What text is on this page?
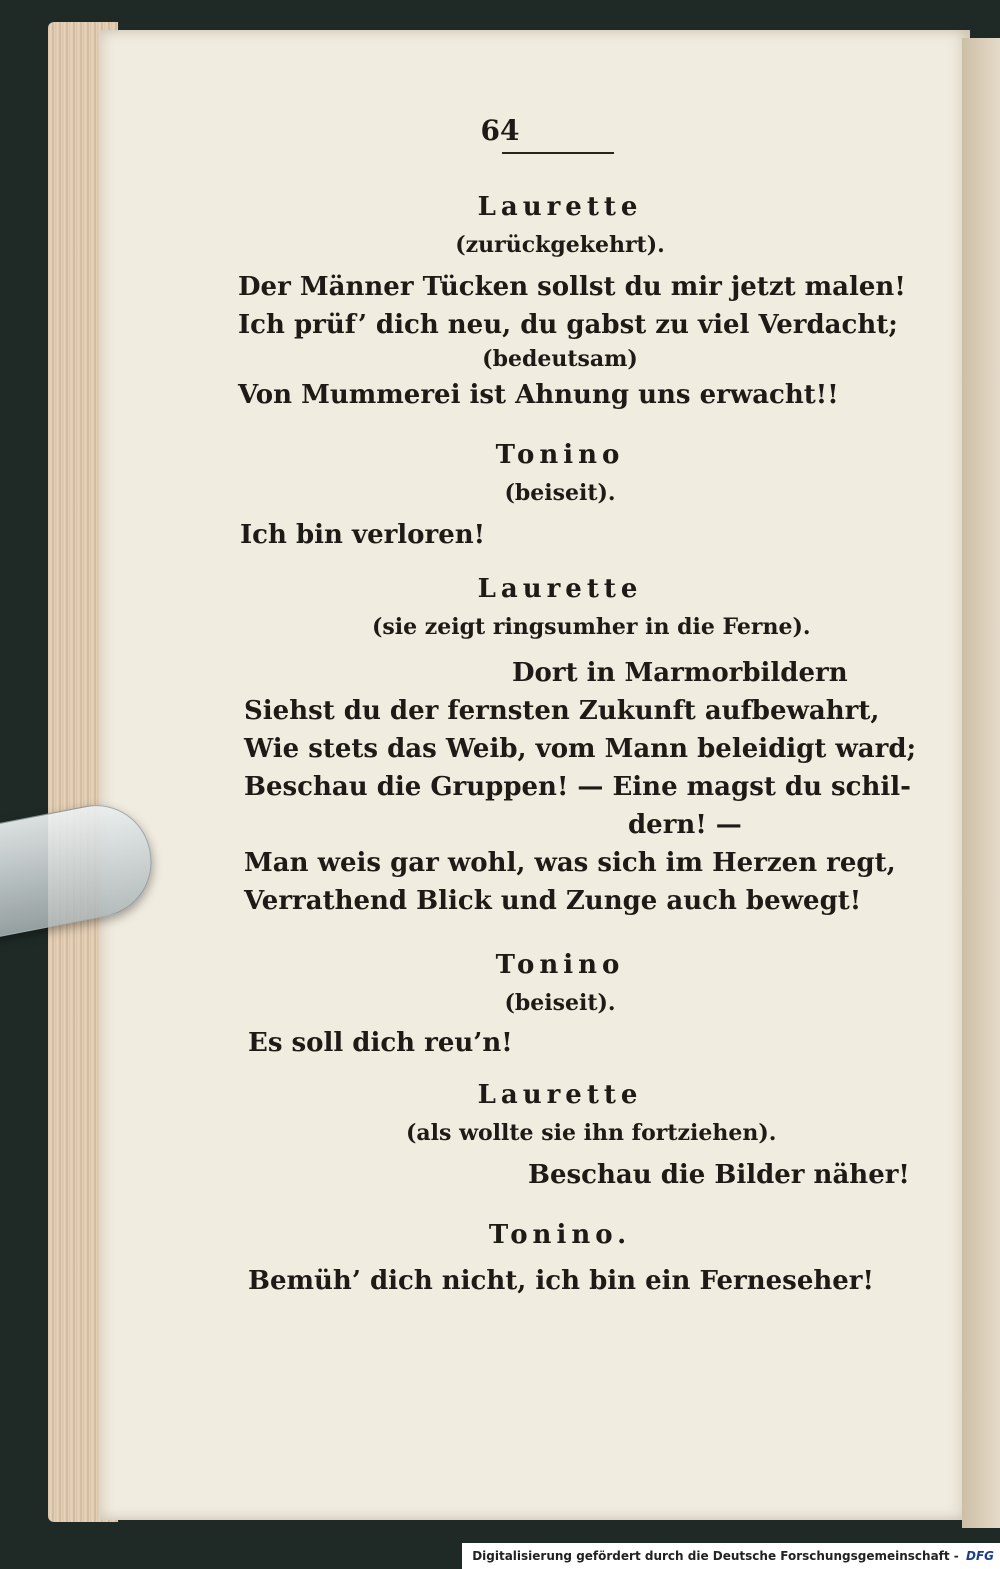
64
Laurette
(zurückgekehrt).
Der Männer Tücken sollst du mir jetzt malen!
Ich prüf’ dich neu, du gabst zu viel Verdacht;
(bedeutsam)
Von Mummerei ist Ahnung uns erwacht!!
Tonino
(beiseit).
Ich bin verloren!
Laurette
(sie zeigt ringsumher in die Ferne).
Dort in Marmorbildern
Siehst du der fernsten Zukunft aufbewahrt,
Wie stets das Weib, vom Mann beleidigt ward;
Beschau die Gruppen! — Eine magst du schil-
dern! —
Man weis gar wohl, was sich im Herzen regt,
Verrathend Blick und Zunge auch bewegt!
Tonino
(beiseit).
Es soll dich reu’n!
Laurette
(als wollte sie ihn fortziehen).
Beschau die Bilder näher!
Tonino.
Bemüh’ dich nicht, ich bin ein Ferneseher!
Digitalisierung gefördert durch die Deutsche Forschungsgemeinschaft - DFG
